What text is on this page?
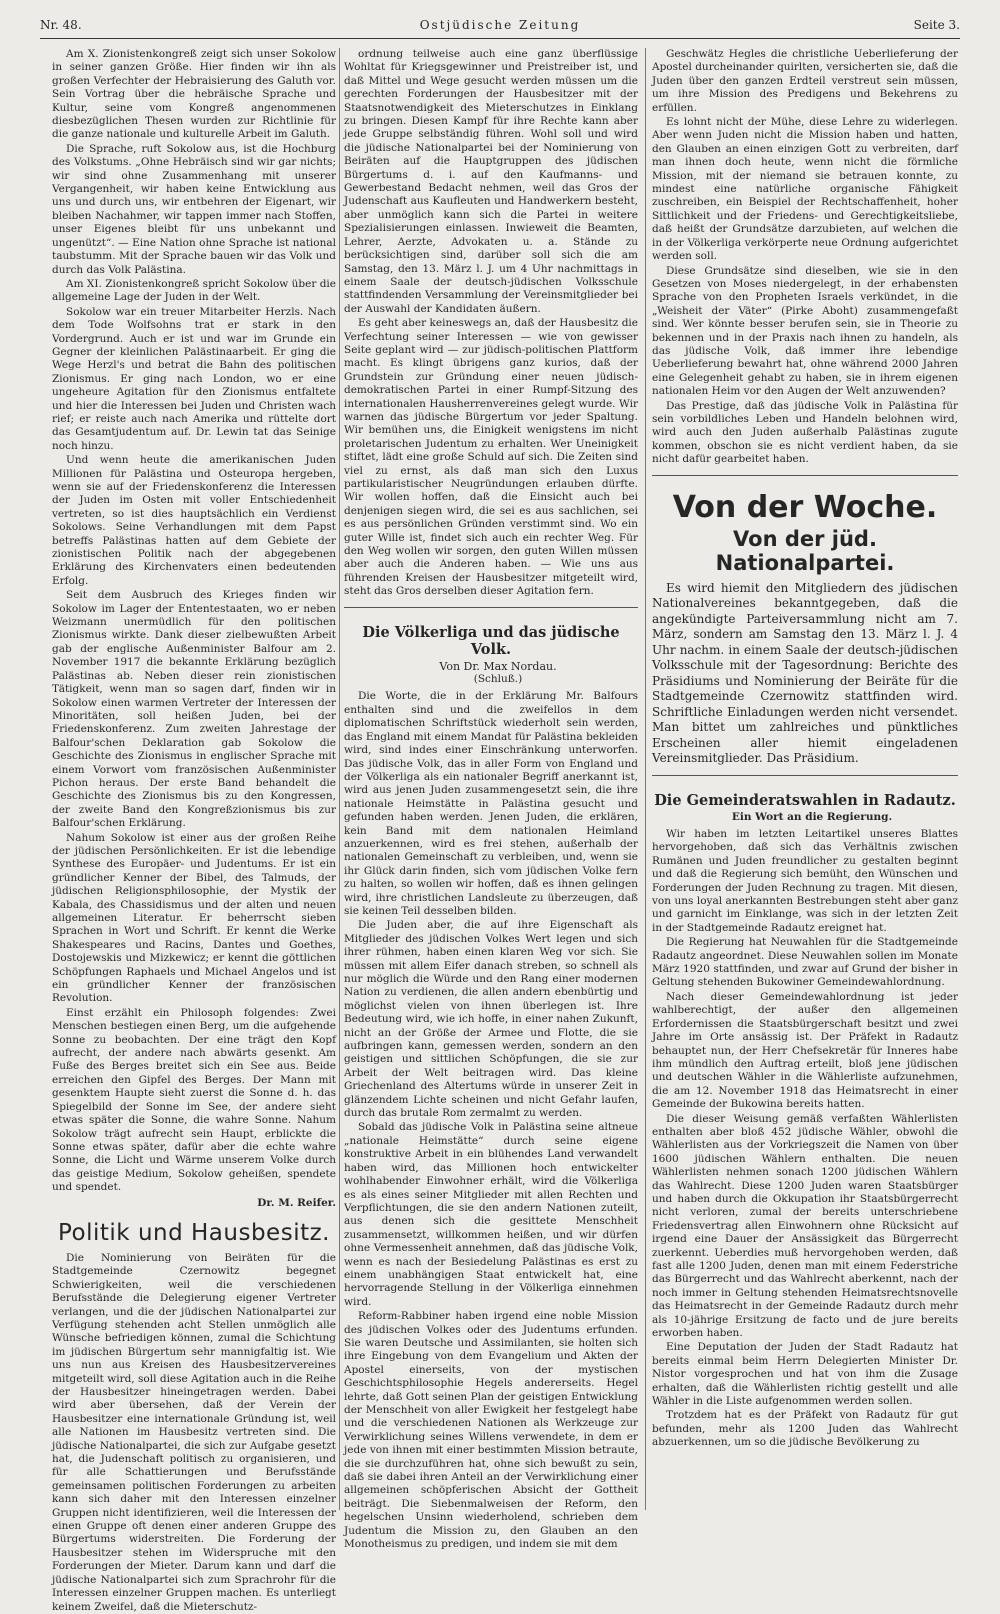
Nr. 48.	Ostjüdische Zeitung	Seite 3.

Am X. Zionistenkongreß zeigt sich unser Sokolow in seiner ganzen Größe. Hier finden wir ihn als großen Verfechter der Hebraisierung des Galuth vor. Sein Vortrag über die hebräische Sprache und Kultur, seine vom Kongreß angenommenen diesbezüglichen Thesen wurden zur Richtlinie für die ganze nationale und kulturelle Arbeit im Galuth.

Die Sprache, ruft Sokolow aus, ist die Hochburg des Volkstums. „Ohne Hebräisch sind wir gar nichts; wir sind ohne Zusammenhang mit unserer Vergangenheit, wir haben keine Entwicklung aus uns und durch uns, wir entbehren der Eigenart, wir bleiben Nachahmer, wir tappen immer nach Stoffen, unser Eigenes bleibt für uns unbekannt und ungenützt“. — Eine Nation ohne Sprache ist national taubstumm. Mit der Sprache bauen wir das Volk und durch das Volk Palästina.

Am XI. Zionistenkongreß spricht Sokolow über die allgemeine Lage der Juden in der Welt.

Sokolow war ein treuer Mitarbeiter Herzls. Nach dem Tode Wolfsohns trat er stark in den Vordergrund. Auch er ist und war im Grunde ein Gegner der kleinlichen Palästinaarbeit. Er ging die Wege Herzl's und betrat die Bahn des politischen Zionismus. Er ging nach London, wo er eine ungeheure Agitation für den Zionismus entfaltete und hier die Interessen bei Juden und Christen wach rief; er reiste auch nach Amerika und rüttelte dort das Gesamtjudentum auf. Dr. Lewin tat das Seinige noch hinzu.

Und wenn heute die amerikanischen Juden Millionen für Palästina und Osteuropa hergeben, wenn sie auf der Friedenskonferenz die Interessen der Juden im Osten mit voller Entschiedenheit vertreten, so ist dies hauptsächlich ein Verdienst Sokolows. Seine Verhandlungen mit dem Papst betreffs Palästinas hatten auf dem Gebiete der zionistischen Politik nach der abgegebenen Erklärung des Kirchenvaters einen bedeutenden Erfolg.

Seit dem Ausbruch des Krieges finden wir Sokolow im Lager der Ententestaaten, wo er neben Weizmann unermüdlich für den politischen Zionismus wirkte. Dank dieser zielbewußten Arbeit gab der englische Außenminister Balfour am 2. November 1917 die bekannte Erklärung bezüglich Palästinas ab. Neben dieser rein zionistischen Tätigkeit, wenn man so sagen darf, finden wir in Sokolow einen warmen Vertreter der Interessen der Minoritäten, soll heißen Juden, bei der Friedenskonferenz. Zum zweiten Jahrestage der Balfour'schen Deklaration gab Sokolow die Geschichte des Zionismus in englischer Sprache mit einem Vorwort vom französischen Außenminister Pichon heraus. Der erste Band behandelt die Geschichte des Zionismus bis zu den Kongressen, der zweite Band den Kongreßzionismus bis zur Balfour'schen Erklärung.

Nahum Sokolow ist einer aus der großen Reihe der jüdischen Persönlichkeiten. Er ist die lebendige Synthese des Europäer- und Judentums. Er ist ein gründlicher Kenner der Bibel, des Talmuds, der jüdischen Religionsphilosophie, der Mystik der Kabala, des Chassidismus und der alten und neuen allgemeinen Literatur. Er beherrscht sieben Sprachen in Wort und Schrift. Er kennt die Werke Shakespeares und Racins, Dantes und Goethes, Dostojewskis und Mizkewicz; er kennt die göttlichen Schöpfungen Raphaels und Michael Angelos und ist ein gründlicher Kenner der französischen Revolution.

Einst erzählt ein Philosoph folgendes: Zwei Menschen bestiegen einen Berg, um die aufgehende Sonne zu beobachten. Der eine trägt den Kopf aufrecht, der andere nach abwärts gesenkt. Am Fuße des Berges breitet sich ein See aus. Beide erreichen den Gipfel des Berges. Der Mann mit gesenktem Haupte sieht zuerst die Sonne d. h. das Spiegelbild der Sonne im See, der andere sieht etwas später die Sonne, die wahre Sonne. Nahum Sokolow trägt aufrecht sein Haupt, erblickte die Sonne etwas später, dafür aber die echte wahre Sonne, die Licht und Wärme unserem Volke durch das geistige Medium, Sokolow geheißen, spendete und spendet.

Dr. M. Reifer.

Politik und Hausbesitz.

Die Nominierung von Beiräten für die Stadtgemeinde Czernowitz begegnet Schwierigkeiten, weil die verschiedenen Berufsstände die Delegierung eigener Vertreter verlangen, und die der jüdischen Nationalpartei zur Verfügung stehenden acht Stellen unmöglich alle Wünsche befriedigen können, zumal die Schichtung im jüdischen Bürgertum sehr mannigfaltig ist. Wie uns nun aus Kreisen des Hausbesitzervereines mitgeteilt wird, soll diese Agitation auch in die Reihe der Hausbesitzer hineingetragen werden. Dabei wird aber übersehen, daß der Verein der Hausbesitzer eine internationale Gründung ist, weil alle Nationen im Hausbesitz vertreten sind. Die jüdische Nationalpartei, die sich zur Aufgabe gesetzt hat, die Judenschaft politisch zu organisieren, und für alle Schattierungen und Berufsstände gemeinsamen politischen Forderungen zu arbeiten kann sich daher mit den Interessen einzelner Gruppen nicht identifizieren, weil die Interessen der einen Gruppe oft denen einer anderen Gruppe des Bürgertums widerstreiten. Die Forderung der Hausbesitzer stehen im Widerspruche mit den Forderungen der Mieter. Darum kann und darf die jüdische Nationalpartei sich zum Sprachrohr für die Interessen einzelner Gruppen machen. Es unterliegt keinem Zweifel, daß die Mieterschutz-

ordnung teilweise auch eine ganz überflüssige Wohltat für Kriegsgewinner und Preistreiber ist, und daß Mittel und Wege gesucht werden müssen um die gerechten Forderungen der Hausbesitzer mit der Staatsnotwendigkeit des Mieterschutzes in Einklang zu bringen. Diesen Kampf für ihre Rechte kann aber jede Gruppe selbständig führen. Wohl soll und wird die jüdische Nationalpartei bei der Nominierung von Beiräten auf die Hauptgruppen des jüdischen Bürgertums d. i. auf den Kaufmanns- und Gewerbestand Bedacht nehmen, weil das Gros der Judenschaft aus Kaufleuten und Handwerkern besteht, aber unmöglich kann sich die Partei in weitere Spezialisierungen einlassen. Inwieweit die Beamten, Lehrer, Aerzte, Advokaten u. a. Stände zu berücksichtigen sind, darüber soll sich die am Samstag, den 13. März l. J. um 4 Uhr nachmittags in einem Saale der deutsch-jüdischen Volksschule stattfindenden Versammlung der Vereinsmitglieder bei der Auswahl der Kandidaten äußern.

Es geht aber keineswegs an, daß der Hausbesitz die Verfechtung seiner Interessen — wie von gewisser Seite geplant wird — zur jüdisch-politischen Plattform macht. Es klingt übrigens ganz kurios, daß der Grundstein zur Gründung einer neuen jüdisch-demokratischen Partei in einer Rumpf-Sitzung des internationalen Hausherrenvereines gelegt wurde. Wir warnen das jüdische Bürgertum vor jeder Spaltung. Wir bemühen uns, die Einigkeit wenigstens im nicht proletarischen Judentum zu erhalten. Wer Uneinigkeit stiftet, lädt eine große Schuld auf sich. Die Zeiten sind viel zu ernst, als daß man sich den Luxus partikularistischer Neugründungen erlauben dürfte. Wir wollen hoffen, daß die Einsicht auch bei denjenigen siegen wird, die sei es aus sachlichen, sei es aus persönlichen Gründen verstimmt sind. Wo ein guter Wille ist, findet sich auch ein rechter Weg. Für den Weg wollen wir sorgen, den guten Willen müssen aber auch die Anderen haben. — Wie uns aus führenden Kreisen der Hausbesitzer mitgeteilt wird, steht das Gros derselben dieser Agitation fern.

Die Völkerliga und das jüdische Volk.

Von Dr. Max Nordau.

(Schluß.)

Die Worte, die in der Erklärung Mr. Balfours enthalten sind und die zweifellos in dem diplomatischen Schriftstück wiederholt sein werden, das England mit einem Mandat für Palästina bekleiden wird, sind indes einer Einschränkung unterworfen. Das jüdische Volk, das in aller Form von England und der Völkerliga als ein nationaler Begriff anerkannt ist, wird aus jenen Juden zusammengesetzt sein, die ihre nationale Heimstätte in Palästina gesucht und gefunden haben werden. Jenen Juden, die erklären, kein Band mit dem nationalen Heimland anzuerkennen, wird es frei stehen, außerhalb der nationalen Gemeinschaft zu verbleiben, und, wenn sie ihr Glück darin finden, sich vom jüdischen Volke fern zu halten, so wollen wir hoffen, daß es ihnen gelingen wird, ihre christlichen Landsleute zu überzeugen, daß sie keinen Teil desselben bilden.

Die Juden aber, die auf ihre Eigenschaft als Mitglieder des jüdischen Volkes Wert legen und sich ihrer rühmen, haben einen klaren Weg vor sich. Sie müssen mit allem Eifer danach streben, so schnell als nur möglich die Würde und den Rang einer modernen Nation zu verdienen, die allen andern ebenbürtig und möglichst vielen von ihnen überlegen ist. Ihre Bedeutung wird, wie ich hoffe, in einer nahen Zukunft, nicht an der Größe der Armee und Flotte, die sie aufbringen kann, gemessen werden, sondern an den geistigen und sittlichen Schöpfungen, die sie zur Arbeit der Welt beitragen wird. Das kleine Griechenland des Altertums würde in unserer Zeit in glänzendem Lichte scheinen und nicht Gefahr laufen, durch das brutale Rom zermalmt zu werden.

Sobald das jüdische Volk in Palästina seine altneue „nationale Heimstätte“ durch seine eigene konstruktive Arbeit in ein blühendes Land verwandelt haben wird, das Millionen hoch entwickelter wohlhabender Einwohner erhält, wird die Völkerliga es als eines seiner Mitglieder mit allen Rechten und Verpflichtungen, die sie den andern Nationen zuteilt, aus denen sich die gesittete Menschheit zusammensetzt, willkommen heißen, und wir dürfen ohne Vermessenheit annehmen, daß das jüdische Volk, wenn es nach der Besiedelung Palästinas es erst zu einem unabhängigen Staat entwickelt hat, eine hervorragende Stellung in der Völkerliga einnehmen wird.

Reform-Rabbiner haben irgend eine noble Mission des jüdischen Volkes oder des Judentums erfunden. Sie waren Deutsche und Assimilanten, sie holten sich ihre Eingebung von dem Evangelium und Akten der Apostel einerseits, von der mystischen Geschichtsphilosophie Hegels andererseits. Hegel lehrte, daß Gott seinen Plan der geistigen Entwicklung der Menschheit von aller Ewigkeit her festgelegt habe und die verschiedenen Nationen als Werkzeuge zur Verwirklichung seines Willens verwendete, in dem er jede von ihnen mit einer bestimmten Mission betraute, die sie durchzuführen hat, ohne sich bewußt zu sein, daß sie dabei ihren Anteil an der Verwirklichung einer allgemeinen schöpferischen Absicht der Gottheit beiträgt. Die Siebenmalweisen der Reform, den hegelschen Unsinn wiederholend, schrieben dem Judentum die Mission zu, den Glauben an den Monotheismus zu predigen, und indem sie mit dem

Geschwätz Hegles die christliche Ueberlieferung der Apostel durcheinander quirlten, versicherten sie, daß die Juden über den ganzen Erdteil verstreut sein müssen, um ihre Mission des Predigens und Bekehrens zu erfüllen.

Es lohnt nicht der Mühe, diese Lehre zu widerlegen. Aber wenn Juden nicht die Mission haben und hatten, den Glauben an einen einzigen Gott zu verbreiten, darf man ihnen doch heute, wenn nicht die förmliche Mission, mit der niemand sie betrauen konnte, zu mindest eine natürliche organische Fähigkeit zuschreiben, ein Beispiel der Rechtschaffenheit, hoher Sittlichkeit und der Friedens- und Gerechtigkeitsliebe, daß heißt der Grundsätze darzubieten, auf welchen die in der Völkerliga verkörperte neue Ordnung aufgerichtet werden soll.

Diese Grundsätze sind dieselben, wie sie in den Gesetzen von Moses niedergelegt, in der erhabensten Sprache von den Propheten Israels verkündet, in die „Weisheit der Väter“ (Pirke Aboht) zusammengefaßt sind. Wer könnte besser berufen sein, sie in Theorie zu bekennen und in der Praxis nach ihnen zu handeln, als das jüdische Volk, daß immer ihre lebendige Ueberlieferung bewahrt hat, ohne während 2000 Jahren eine Gelegenheit gehabt zu haben, sie in ihrem eigenen nationalen Heim vor den Augen der Welt anzuwenden?

Das Prestige, daß das jüdische Volk in Palästina für sein vorbildliches Leben und Handeln belohnen wird, wird auch den Juden außerhalb Palästinas zugute kommen, obschon sie es nicht verdient haben, da sie nicht dafür gearbeitet haben.

Von der Woche.
Von der jüd. Nationalpartei.

Es wird hiemit den Mitgliedern des jüdischen Nationalvereines bekanntgegeben, daß die angekündigte Parteiversammlung nicht am 7. März, sondern am Samstag den 13. März l. J. 4 Uhr nachm. in einem Saale der deutsch-jüdischen Volksschule mit der Tagesordnung: Berichte des Präsidiums und Nominierung der Beiräte für die Stadtgemeinde Czernowitz stattfinden wird. Schriftliche Einladungen werden nicht versendet. Man bittet um zahlreiches und pünktliches Erscheinen aller hiemit eingeladenen Vereinsmitglieder. Das Präsidium.

Die Gemeinderatswahlen in Radautz.

Ein Wort an die Regierung.

Wir haben im letzten Leitartikel unseres Blattes hervorgehoben, daß sich das Verhältnis zwischen Rumänen und Juden freundlicher zu gestalten beginnt und daß die Regierung sich bemüht, den Wünschen und Forderungen der Juden Rechnung zu tragen. Mit diesen, von uns loyal anerkannten Bestrebungen steht aber ganz und garnicht im Einklange, was sich in der letzten Zeit in der Stadtgemeinde Radautz ereignet hat.

Die Regierung hat Neuwahlen für die Stadtgemeinde Radautz angeordnet. Diese Neuwahlen sollen im Monate März 1920 stattfinden, und zwar auf Grund der bisher in Geltung stehenden Bukowiner Gemeindewahlordnung.

Nach dieser Gemeindewahlordnung ist jeder wahlberechtigt, der außer den allgemeinen Erfordernissen die Staatsbürgerschaft besitzt und zwei Jahre im Orte ansässig ist. Der Präfekt in Radautz behauptet nun, der Herr Chefsekretär für Inneres habe ihm mündlich den Auftrag erteilt, bloß jene jüdischen und deutschen Wähler in die Wählerliste aufzunehmen, die am 12. November 1918 das Heimatsrecht in einer Gemeinde der Bukowina bereits hatten.

Die dieser Weisung gemäß verfaßten Wählerlisten enthalten aber bloß 452 jüdische Wähler, obwohl die Wählerlisten aus der Vorkriegszeit die Namen von über 1600 jüdischen Wählern enthalten. Die neuen Wählerlisten nehmen sonach 1200 jüdischen Wählern das Wahlrecht. Diese 1200 Juden waren Staatsbürger und haben durch die Okkupation ihr Staatsbürgerrecht nicht verloren, zumal der bereits unterschriebene Friedensvertrag allen Einwohnern ohne Rücksicht auf irgend eine Dauer der Ansässigkeit das Bürgerrecht zuerkennt. Ueberdies muß hervorgehoben werden, daß fast alle 1200 Juden, denen man mit einem Federstriche das Bürgerrecht und das Wahlrecht aberkennt, nach der noch immer in Geltung stehenden Heimatsrechtsnovelle das Heimatsrecht in der Gemeinde Radautz durch mehr als 10-jährige Ersitzung de facto und de jure bereits erworben haben.

Eine Deputation der Juden der Stadt Radautz hat bereits einmal beim Herrn Delegierten Minister Dr. Nistor vorgesprochen und hat von ihm die Zusage erhalten, daß die Wählerlisten richtig gestellt und alle Wähler in die Liste aufgenommen werden sollen.

Trotzdem hat es der Präfekt von Radautz für gut befunden, mehr als 1200 Juden das Wahlrecht abzuerkennen, um so die jüdische Bevölkerung zu
